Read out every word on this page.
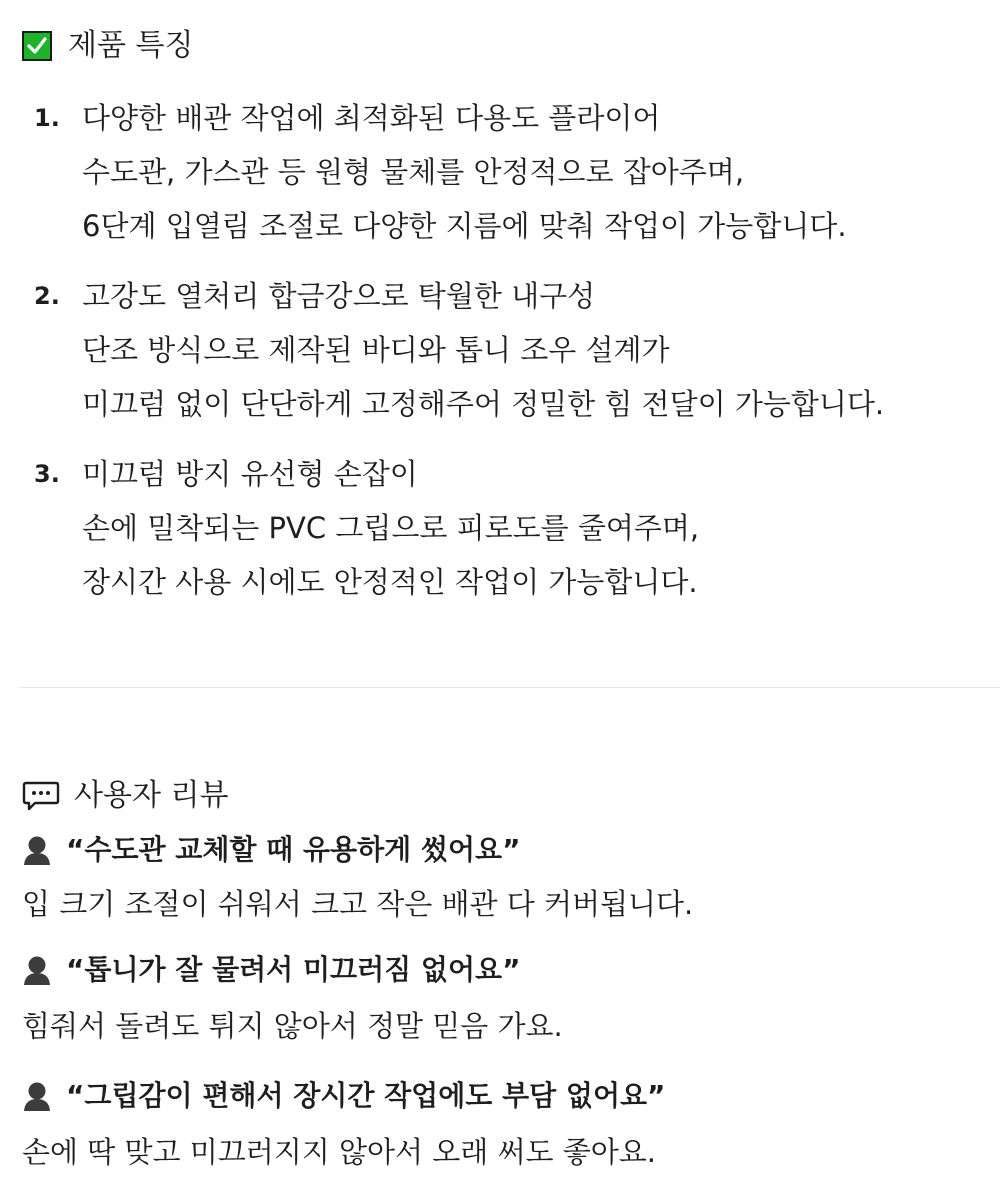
제품 특징
1. 다양한 배관 작업에 최적화된 다용도 플라이어
수도관, 가스관 등 원형 물체를 안정적으로 잡아주며,
6단계 입열림 조절로 다양한 지름에 맞춰 작업이 가능합니다.
2. 고강도 열처리 합금강으로 탁월한 내구성
단조 방식으로 제작된 바디와 톱니 조우 설계가
미끄럼 없이 단단하게 고정해주어 정밀한 힘 전달이 가능합니다.
3. 미끄럼 방지 유선형 손잡이
손에 밀착되는 PVC 그립으로 피로도를 줄여주며,
장시간 사용 시에도 안정적인 작업이 가능합니다.
사용자 리뷰
“수도관 교체할 때 유용하게 썼어요”
입 크기 조절이 쉬워서 크고 작은 배관 다 커버됩니다.
“톱니가 잘 물려서 미끄러짐 없어요”
힘줘서 돌려도 튀지 않아서 정말 믿음 가요.
“그립감이 편해서 장시간 작업에도 부담 없어요”
손에 딱 맞고 미끄러지지 않아서 오래 써도 좋아요.
